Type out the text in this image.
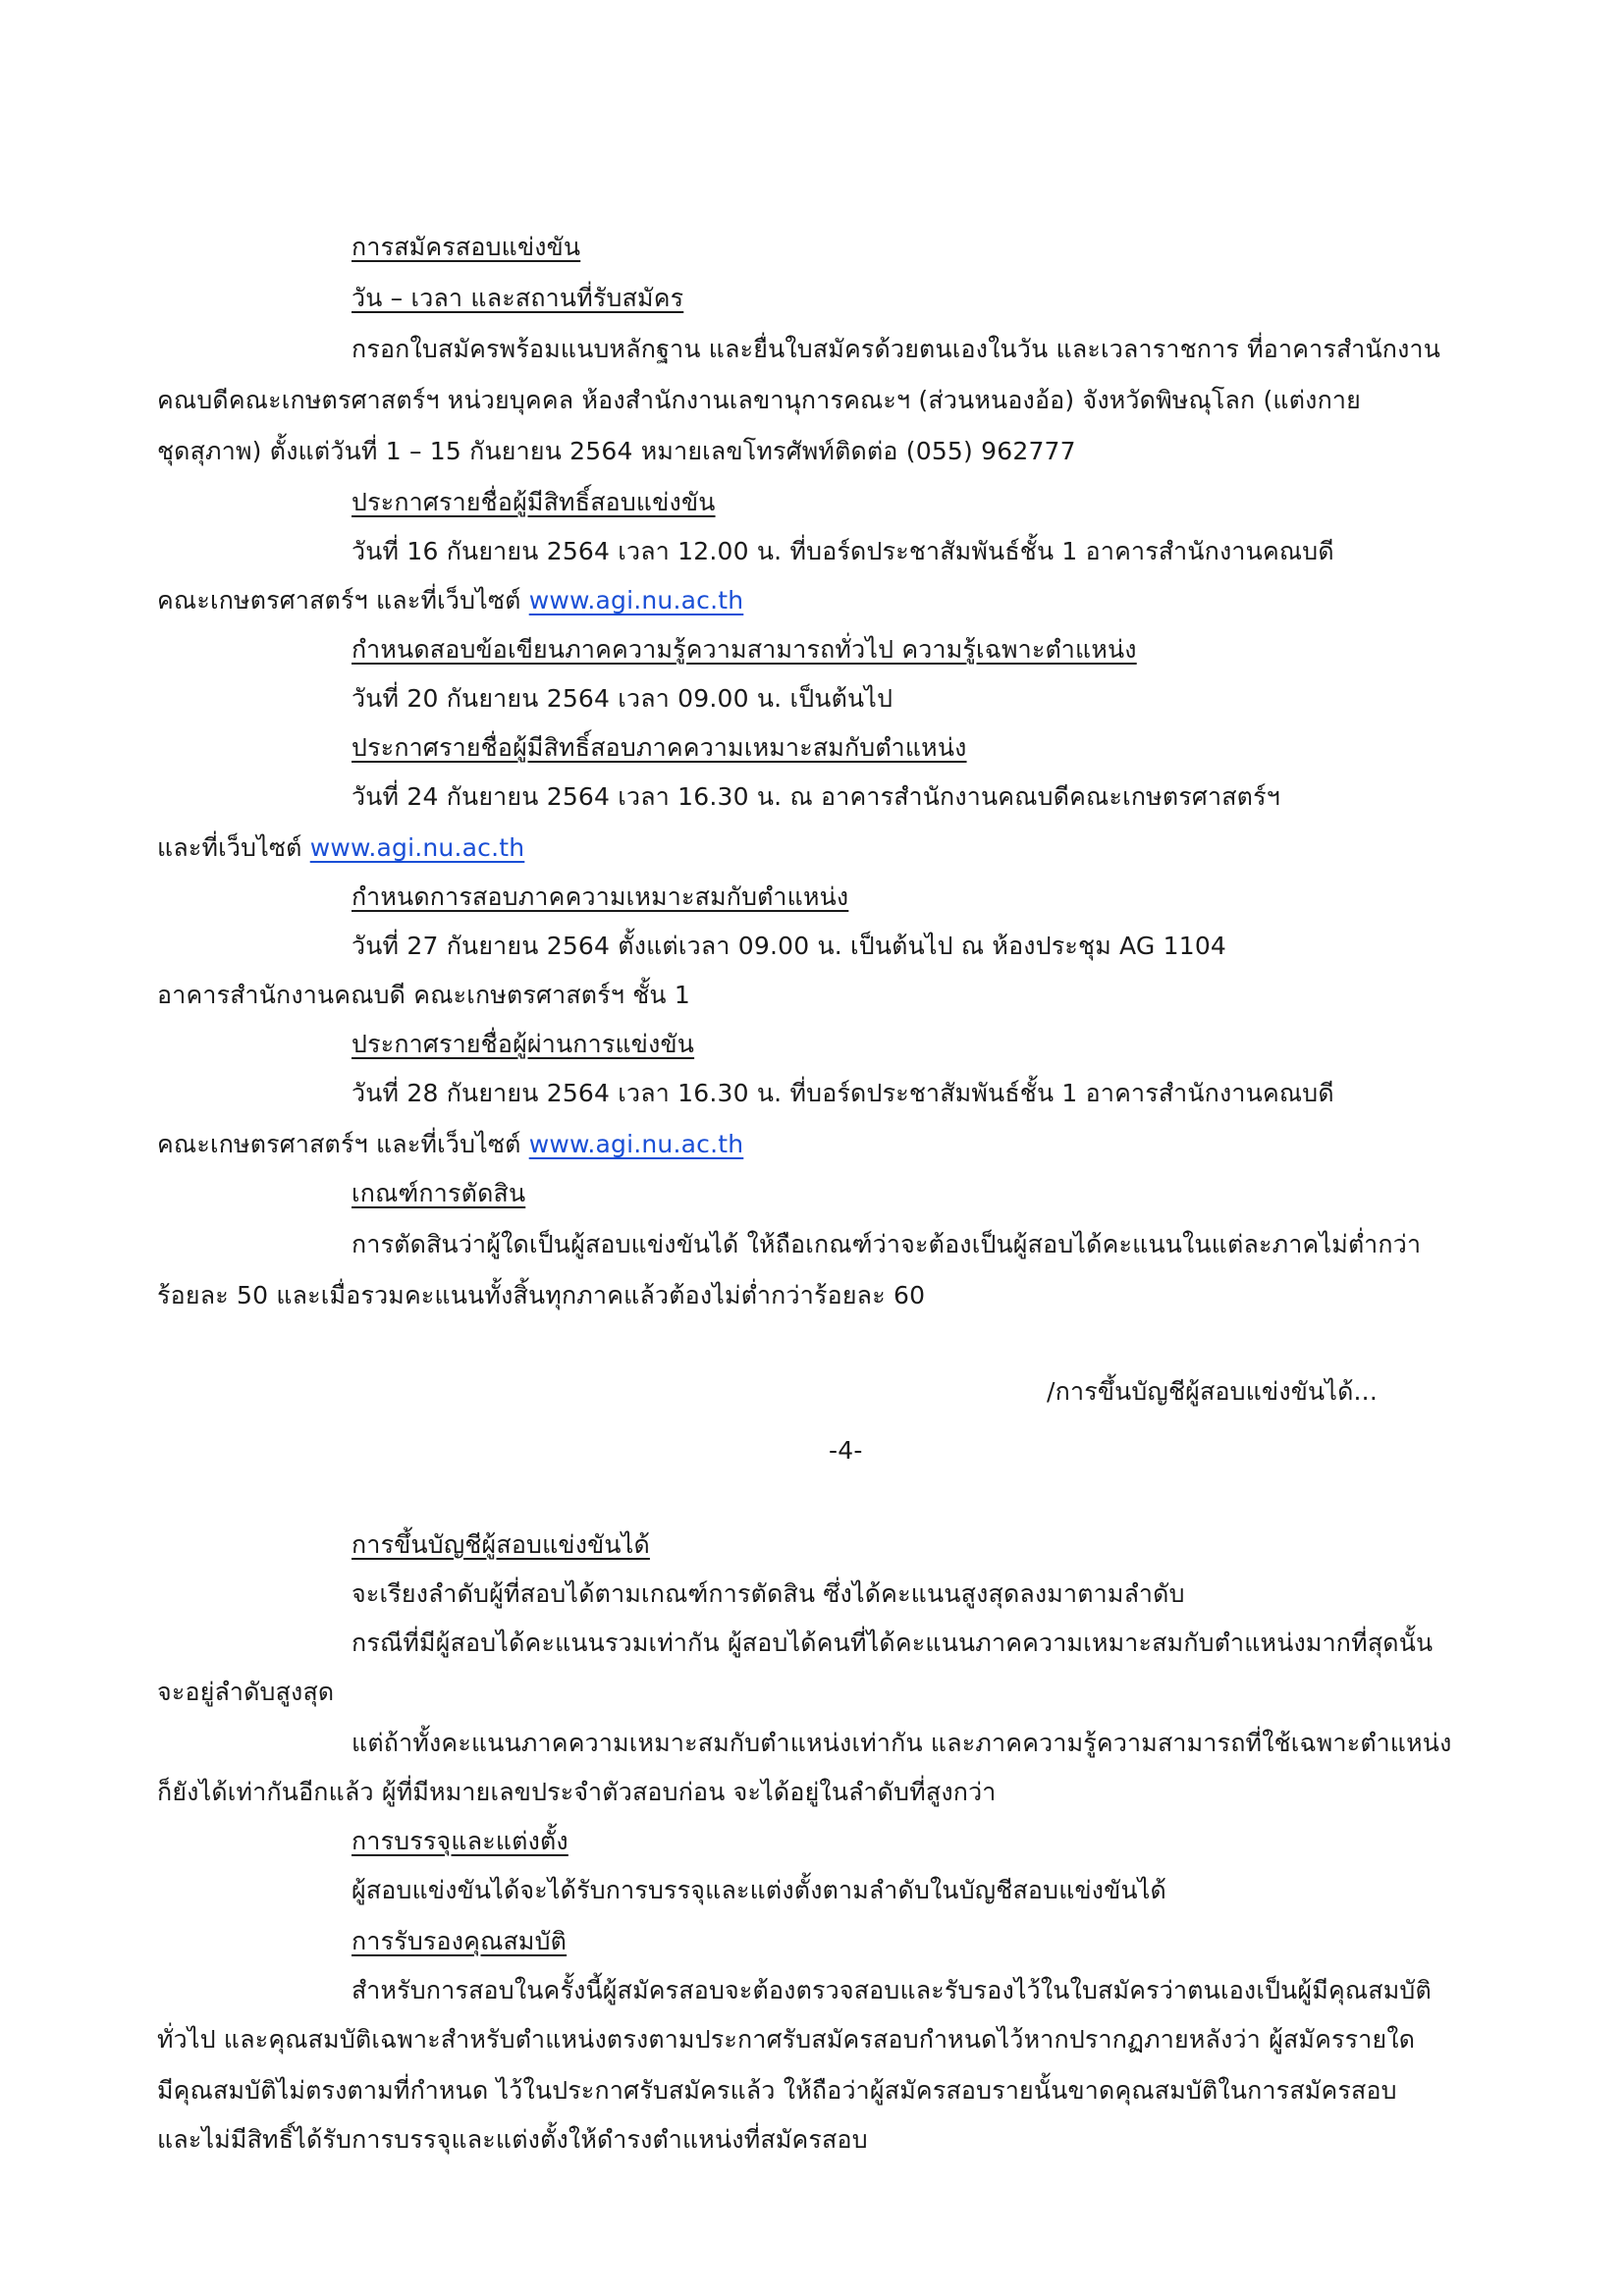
การสมัครสอบแข่งขัน
วัน – เวลา และสถานที่รับสมัคร
กรอกใบสมัครพร้อมแนบหลักฐาน และยื่นใบสมัครด้วยตนเองในวัน และเวลาราชการ ที่อาคารสำนักงาน
คณบดีคณะเกษตรศาสตร์ฯ หน่วยบุคคล ห้องสำนักงานเลขานุการคณะฯ (ส่วนหนองอ้อ) จังหวัดพิษณุโลก (แต่งกาย
ชุดสุภาพ) ตั้งแต่วันที่ 1 – 15 กันยายน 2564 หมายเลขโทรศัพท์ติดต่อ (055) 962777
ประกาศรายชื่อผู้มีสิทธิ์สอบแข่งขัน
วันที่ 16 กันยายน 2564 เวลา 12.00 น. ที่บอร์ดประชาสัมพันธ์ชั้น 1 อาคารสำนักงานคณบดี
คณะเกษตรศาสตร์ฯ และที่เว็บไซต์ www.agi.nu.ac.th
กำหนดสอบข้อเขียนภาคความรู้ความสามารถทั่วไป ความรู้เฉพาะตำแหน่ง
วันที่ 20 กันยายน 2564 เวลา 09.00 น. เป็นต้นไป
ประกาศรายชื่อผู้มีสิทธิ์สอบภาคความเหมาะสมกับตำแหน่ง
วันที่ 24 กันยายน 2564 เวลา 16.30 น. ณ อาคารสำนักงานคณบดีคณะเกษตรศาสตร์ฯ
และที่เว็บไซต์ www.agi.nu.ac.th
กำหนดการสอบภาคความเหมาะสมกับตำแหน่ง
วันที่ 27 กันยายน 2564 ตั้งแต่เวลา 09.00 น. เป็นต้นไป ณ ห้องประชุม AG 1104
อาคารสำนักงานคณบดี คณะเกษตรศาสตร์ฯ ชั้น 1
ประกาศรายชื่อผู้ผ่านการแข่งขัน
วันที่ 28 กันยายน 2564 เวลา 16.30 น. ที่บอร์ดประชาสัมพันธ์ชั้น 1 อาคารสำนักงานคณบดี
คณะเกษตรศาสตร์ฯ และที่เว็บไซต์ www.agi.nu.ac.th
เกณฑ์การตัดสิน
การตัดสินว่าผู้ใดเป็นผู้สอบแข่งขันได้ ให้ถือเกณฑ์ว่าจะต้องเป็นผู้สอบได้คะแนนในแต่ละภาคไม่ต่ำกว่า
ร้อยละ 50 และเมื่อรวมคะแนนทั้งสิ้นทุกภาคแล้วต้องไม่ต่ำกว่าร้อยละ 60
/การขึ้นบัญชีผู้สอบแข่งขันได้...
-4-
การขึ้นบัญชีผู้สอบแข่งขันได้
จะเรียงลำดับผู้ที่สอบได้ตามเกณฑ์การตัดสิน ซึ่งได้คะแนนสูงสุดลงมาตามลำดับ
กรณีที่มีผู้สอบได้คะแนนรวมเท่ากัน ผู้สอบได้คนที่ได้คะแนนภาคความเหมาะสมกับตำแหน่งมากที่สุดนั้น
จะอยู่ลำดับสูงสุด
แต่ถ้าทั้งคะแนนภาคความเหมาะสมกับตำแหน่งเท่ากัน และภาคความรู้ความสามารถที่ใช้เฉพาะตำแหน่ง
ก็ยังได้เท่ากันอีกแล้ว ผู้ที่มีหมายเลขประจำตัวสอบก่อน จะได้อยู่ในลำดับที่สูงกว่า
การบรรจุและแต่งตั้ง
ผู้สอบแข่งขันได้จะได้รับการบรรจุและแต่งตั้งตามลำดับในบัญชีสอบแข่งขันได้
การรับรองคุณสมบัติ
สำหรับการสอบในครั้งนี้ผู้สมัครสอบจะต้องตรวจสอบและรับรองไว้ในใบสมัครว่าตนเองเป็นผู้มีคุณสมบัติ
ทั่วไป และคุณสมบัติเฉพาะสำหรับตำแหน่งตรงตามประกาศรับสมัครสอบกำหนดไว้หากปรากฏภายหลังว่า ผู้สมัครรายใด
มีคุณสมบัติไม่ตรงตามที่กำหนด ไว้ในประกาศรับสมัครแล้ว ให้ถือว่าผู้สมัครสอบรายนั้นขาดคุณสมบัติในการสมัครสอบ
และไม่มีสิทธิ์ได้รับการบรรจุและแต่งตั้งให้ดำรงตำแหน่งที่สมัครสอบ
